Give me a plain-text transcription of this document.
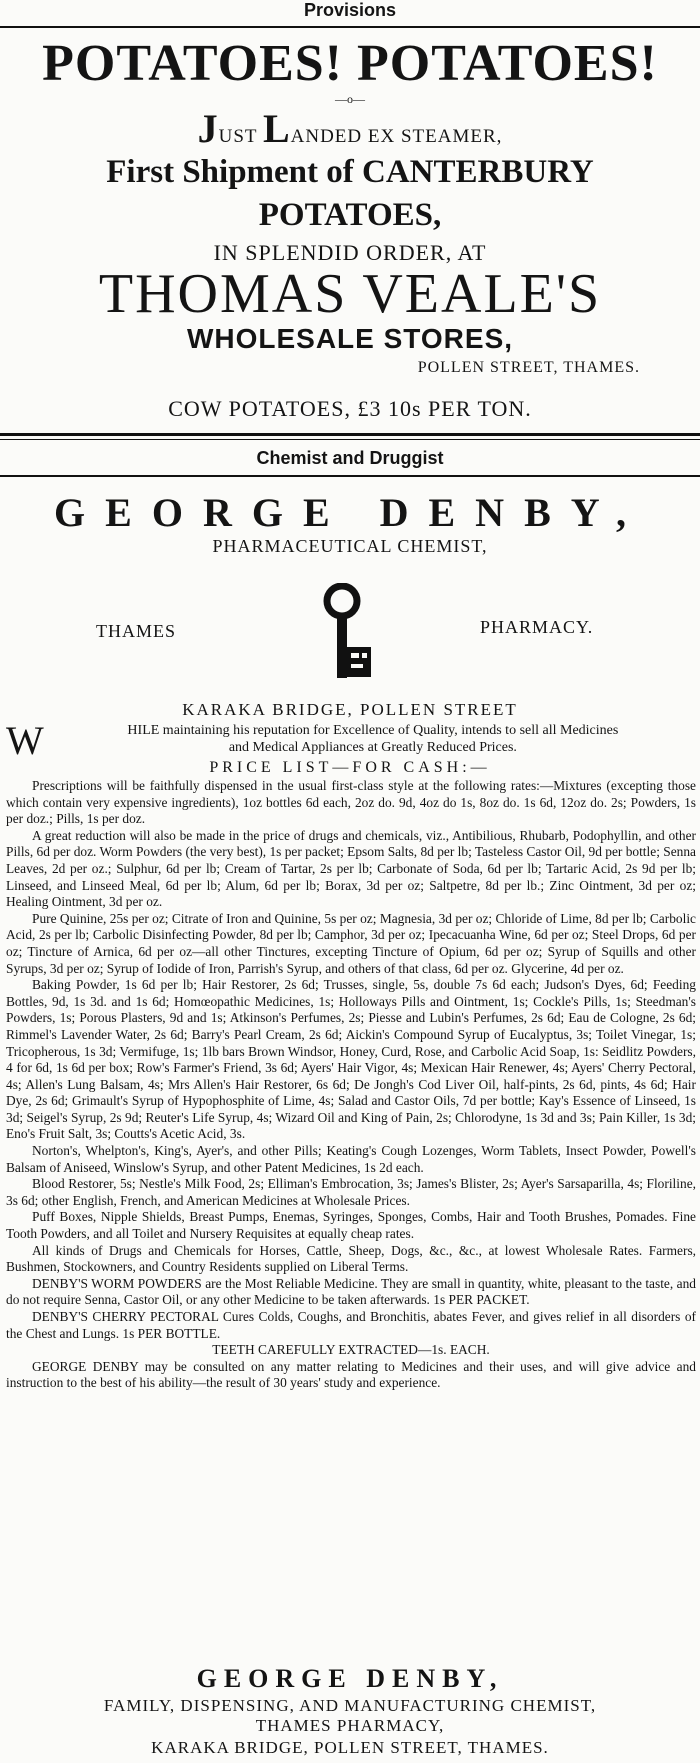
Provisions
POTATOES! POTATOES!
—o—
JUST LANDED EX STEAMER,
First Shipment of CANTERBURY
POTATOES,
IN SPLENDID ORDER, AT
THOMAS VEALE'S
WHOLESALE STORES,
POLLEN STREET, THAMES.
COW POTATOES, £3 10s PER TON.
Chemist and Druggist
GEORGE DENBY,
PHARMACEUTICAL CHEMIST,
THAMES	PHARMACY.
KARAKA BRIDGE, POLLEN STREET
W	HILE maintaining his reputation for Excellence of Quality, intends to sell all Medicines
and Medical Appliances at Greatly Reduced Prices.
PRICE LIST—FOR CASH:—

Prescriptions will be faithfully dispensed in the usual first-class style at the following rates:—Mixtures (excepting those which contain very expensive ingredients), 1oz bottles 6d each, 2oz do. 9d, 4oz do 1s, 8oz do. 1s 6d, 12oz do. 2s; Powders, 1s per doz.; Pills, 1s per doz.

A great reduction will also be made in the price of drugs and chemicals, viz., Antibilious, Rhubarb, Podophyllin, and other Pills, 6d per doz. Worm Powders (the very best), 1s per packet; Epsom Salts, 8d per lb; Tasteless Castor Oil, 9d per bottle; Senna Leaves, 2d per oz.; Sulphur, 6d per lb; Cream of Tartar, 2s per lb; Carbonate of Soda, 6d per lb; Tartaric Acid, 2s 9d per lb; Linseed, and Linseed Meal, 6d per lb; Alum, 6d per lb; Borax, 3d per oz; Saltpetre, 8d per lb.; Zinc Ointment, 3d per oz; Healing Ointment, 3d per oz.

Pure Quinine, 25s per oz; Citrate of Iron and Quinine, 5s per oz; Magnesia, 3d per oz; Chloride of Lime, 8d per lb; Carbolic Acid, 2s per lb; Carbolic Disinfecting Powder, 8d per lb; Camphor, 3d per oz; Ipecacuanha Wine, 6d per oz; Steel Drops, 6d per oz; Tincture of Arnica, 6d per oz—all other Tinctures, excepting Tincture of Opium, 6d per oz; Syrup of Squills and other Syrups, 3d per oz; Syrup of Iodide of Iron, Parrish's Syrup, and others of that class, 6d per oz. Glycerine, 4d per oz.

Baking Powder, 1s 6d per lb; Hair Restorer, 2s 6d; Trusses, single, 5s, double 7s 6d each; Judson's Dyes, 6d; Feeding Bottles, 9d, 1s 3d. and 1s 6d; Homœopathic Medicines, 1s; Holloways Pills and Ointment, 1s; Cockle's Pills, 1s; Steedman's Powders, 1s; Porous Plasters, 9d and 1s; Atkinson's Perfumes, 2s; Piesse and Lubin's Perfumes, 2s 6d; Eau de Cologne, 2s 6d; Rimmel's Lavender Water, 2s 6d; Barry's Pearl Cream, 2s 6d; Aickin's Compound Syrup of Eucalyptus, 3s; Toilet Vinegar, 1s; Tricopherous, 1s 3d; Vermifuge, 1s; 1lb bars Brown Windsor, Honey, Curd, Rose, and Carbolic Acid Soap, 1s: Seidlitz Powders, 4 for 6d, 1s 6d per box; Row's Farmer's Friend, 3s 6d; Ayers' Hair Vigor, 4s; Mexican Hair Renewer, 4s; Ayers' Cherry Pectoral, 4s; Allen's Lung Balsam, 4s; Mrs Allen's Hair Restorer, 6s 6d; De Jongh's Cod Liver Oil, half-pints, 2s 6d, pints, 4s 6d; Hair Dye, 2s 6d; Grimault's Syrup of Hypophosphite of Lime, 4s; Salad and Castor Oils, 7d per bottle; Kay's Essence of Linseed, 1s 3d; Seigel's Syrup, 2s 9d; Reuter's Life Syrup, 4s; Wizard Oil and King of Pain, 2s; Chlorodyne, 1s 3d and 3s; Pain Killer, 1s 3d; Eno's Fruit Salt, 3s; Coutts's Acetic Acid, 3s.

Norton's, Whelpton's, King's, Ayer's, and other Pills; Keating's Cough Lozenges, Worm Tablets, Insect Powder, Powell's Balsam of Aniseed, Winslow's Syrup, and other Patent Medicines, 1s 2d each.

Blood Restorer, 5s; Nestle's Milk Food, 2s; Elliman's Embrocation, 3s; James's Blister, 2s; Ayer's Sarsaparilla, 4s; Floriline, 3s 6d; other English, French, and American Medicines at Wholesale Prices.

Puff Boxes, Nipple Shields, Breast Pumps, Enemas, Syringes, Sponges, Combs, Hair and Tooth Brushes, Pomades. Fine Tooth Powders, and all Toilet and Nursery Requisites at equally cheap rates.

All kinds of Drugs and Chemicals for Horses, Cattle, Sheep, Dogs, &c., &c., at lowest Wholesale Rates. Farmers, Bushmen, Stockowners, and Country Residents supplied on Liberal Terms.

DENBY'S WORM POWDERS are the Most Reliable Medicine. They are small in quantity, white, pleasant to the taste, and do not require Senna, Castor Oil, or any other Medicine to be taken afterwards. 1s PER PACKET.

DENBY'S CHERRY PECTORAL Cures Colds, Coughs, and Bronchitis, abates Fever, and gives relief in all disorders of the Chest and Lungs. 1s PER BOTTLE.

TEETH CAREFULLY EXTRACTED—1s. EACH.

GEORGE DENBY may be consulted on any matter relating to Medicines and their uses, and will give advice and instruction to the best of his ability—the result of 30 years' study and experience.

GEORGE DENBY,
FAMILY, DISPENSING, AND MANUFACTURING CHEMIST,
THAMES PHARMACY,
KARAKA BRIDGE, POLLEN STREET, THAMES.
